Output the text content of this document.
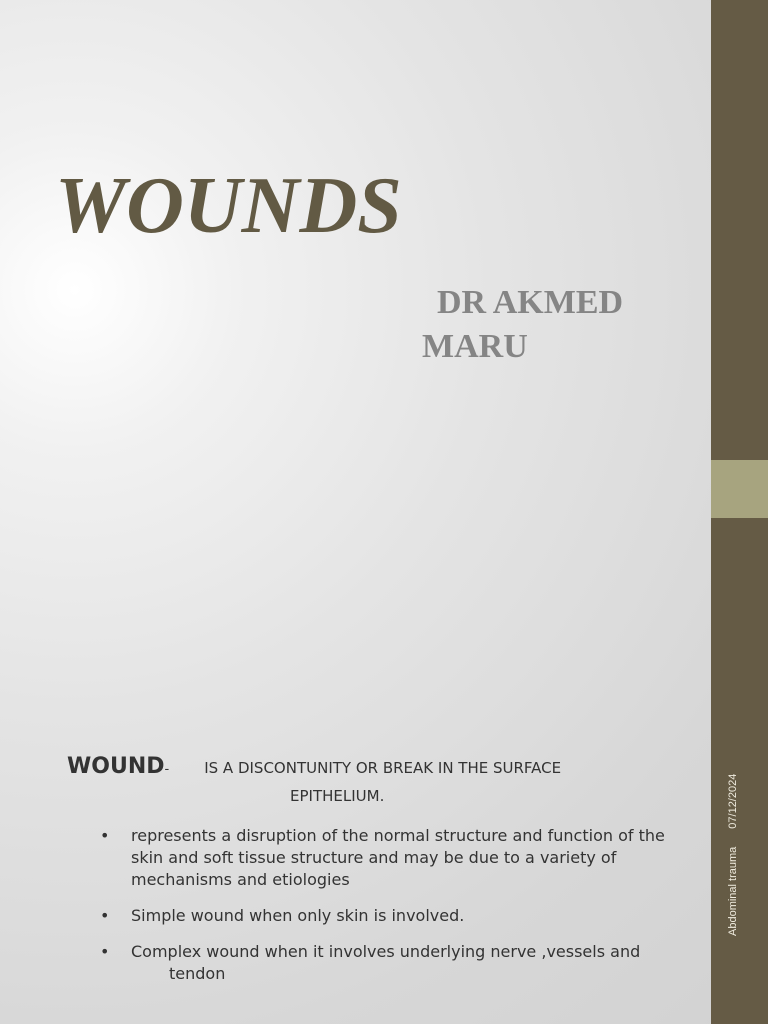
Abdominal trauma07/12/2024
WOUNDS
DR AKMED
MARU
WOUND- IS A DISCONTUNITY OR BREAK IN THE SURFACE
EPITHELIUM.
• represents a disruption of the normal structure and function of the skin and soft tissue structure and may be due to a variety of mechanisms and etiologies
• Simple wound when only skin is involved.
• Complex wound when it involves underlying nerve ,vessels andtendon
